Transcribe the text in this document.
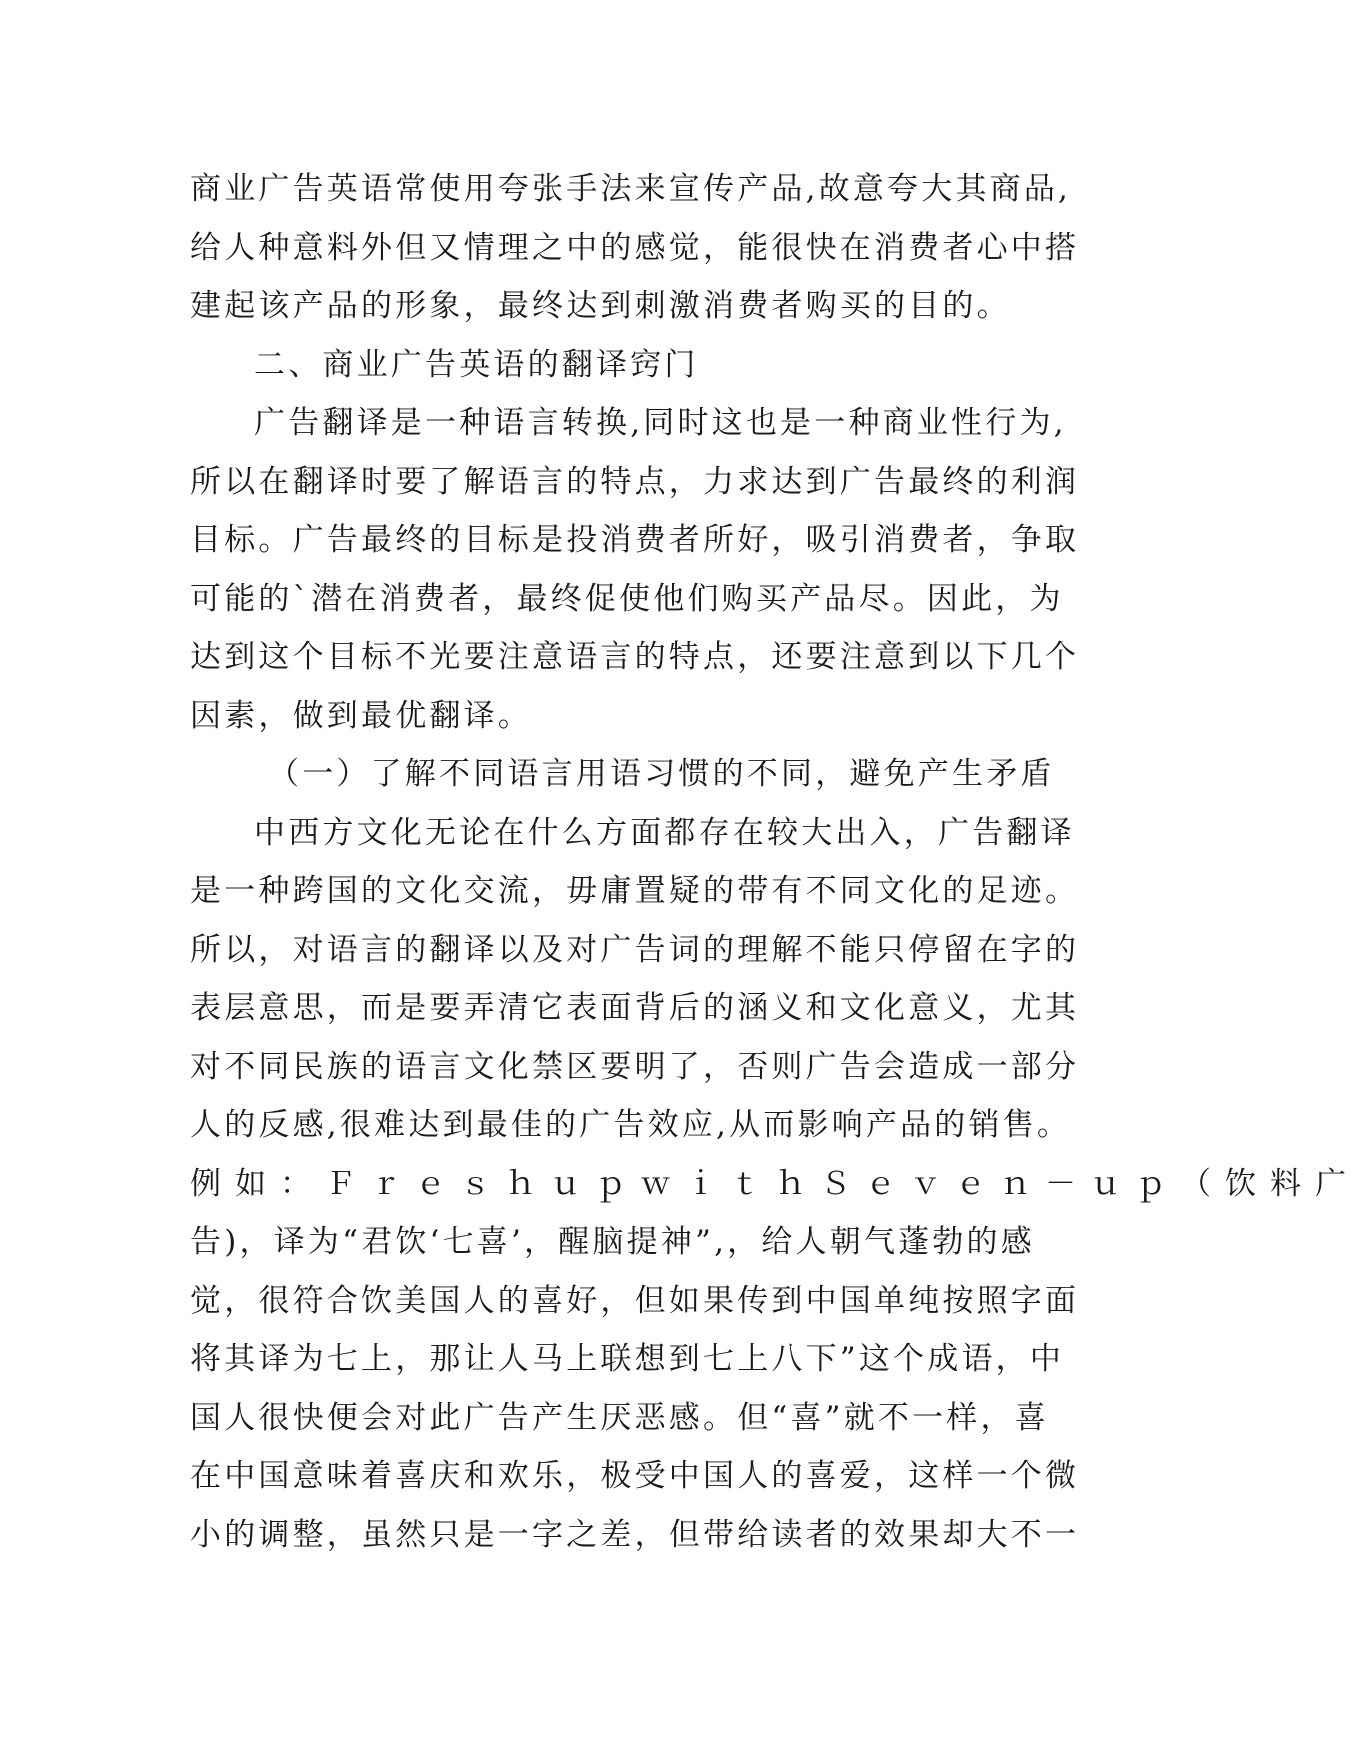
商业广告英语常使用夸张手法来宣传产品,故意夸大其商品,
给人种意料外但又情理之中的感觉，能很快在消费者心中搭
建起该产品的形象，最终达到刺激消费者购买的目的。
二、商业广告英语的翻译窍门
广告翻译是一种语言转换,同时这也是一种商业性行为,
所以在翻译时要了解语言的特点，力求达到广告最终的利润
目标。广告最终的目标是投消费者所好，吸引消费者，争取
可能的`潜在消费者，最终促使他们购买产品尽。因此，为
达到这个目标不光要注意语言的特点，还要注意到以下几个
因素，做到最优翻译。
（一）了解不同语言用语习惯的不同，避免产生矛盾
中西方文化无论在什么方面都存在较大出入，广告翻译
是一种跨国的文化交流，毋庸置疑的带有不同文化的足迹。
所以，对语言的翻译以及对广告词的理解不能只停留在字的
表层意思，而是要弄清它表面背后的涵义和文化意义，尤其
对不同民族的语言文化禁区要明了，否则广告会造成一部分
人的反感,很难达到最佳的广告效应,从而影响产品的销售。
例如：ＦｒｅｓｈｕｐｗｉｔｈＳｅｖｅｎ－ｕｐ（饮料广
告)，译为“君饮‘七喜’，醒脑提神”,，给人朝气蓬勃的感
觉，很符合饮美国人的喜好，但如果传到中国单纯按照字面
将其译为七上，那让人马上联想到七上八下”这个成语，中
国人很快便会对此广告产生厌恶感。但“喜”就不一样，喜
在中国意味着喜庆和欢乐，极受中国人的喜爱，这样一个微
小的调整，虽然只是一字之差，但带给读者的效果却大不一
